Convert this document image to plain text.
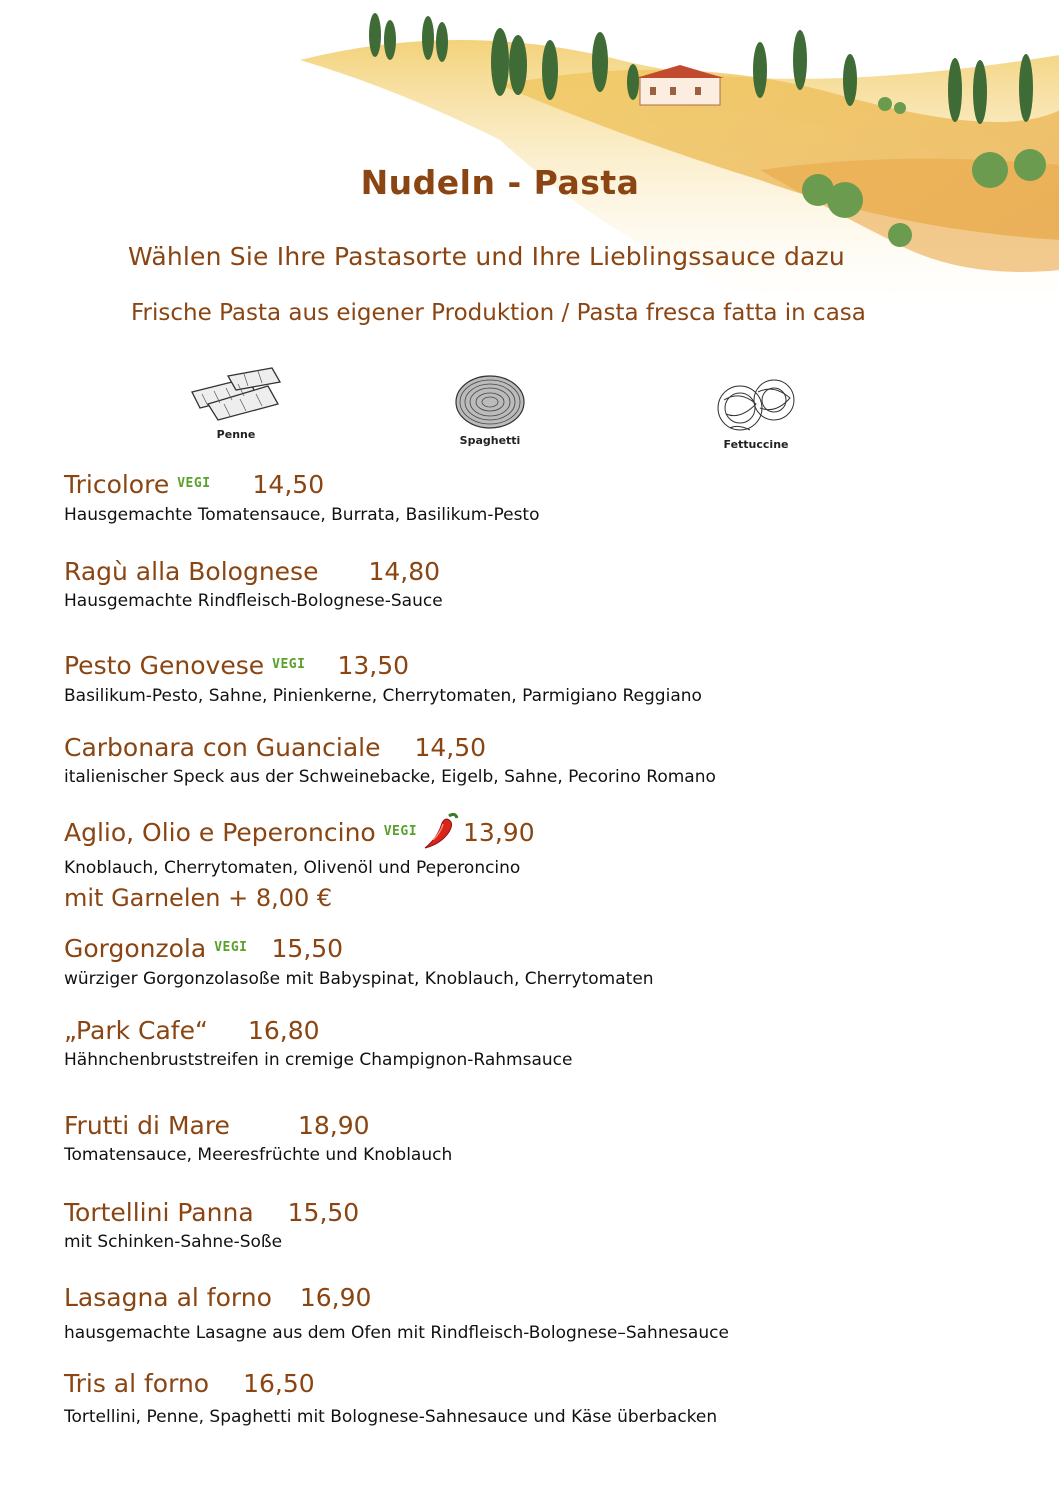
Nudeln - Pasta
Wählen Sie Ihre Pastasorte und Ihre Lieblingssauce dazu
Frische Pasta aus eigener Produktion / Pasta fresca fatta in casa
Penne	Spaghetti	Fettuccine
Tricolore VEGI 14,50
Hausgemachte Tomatensauce, Burrata, Basilikum-Pesto
Ragù alla Bolognese 14,80
Hausgemachte Rindfleisch-Bolognese-Sauce
Pesto Genovese VEGI 13,50
Basilikum-Pesto, Sahne, Pinienkerne, Cherrytomaten, Parmigiano Reggiano
Carbonara con Guanciale 14,50
italienischer Speck aus der Schweinebacke, Eigelb, Sahne, Pecorino Romano
Aglio, Olio e Peperoncino VEGI 13,90
Knoblauch, Cherrytomaten, Olivenöl und Peperoncino
mit Garnelen + 8,00 €
Gorgonzola VEGI 15,50
würziger Gorgonzolasoße mit Babyspinat, Knoblauch, Cherrytomaten
„Park Cafe“ 16,80
Hähnchenbruststreifen in cremige Champignon-Rahmsauce
Frutti di Mare	18,90
Tomatensauce, Meeresfrüchte und Knoblauch
Tortellini Panna 15,50
mit Schinken-Sahne-Soße
Lasagna al forno 16,90
hausgemachte Lasagne aus dem Ofen mit Rindfleisch-Bolognese–Sahnesauce
Tris al forno 16,50
Tortellini, Penne, Spaghetti mit Bolognese-Sahnesauce und Käse überbacken
